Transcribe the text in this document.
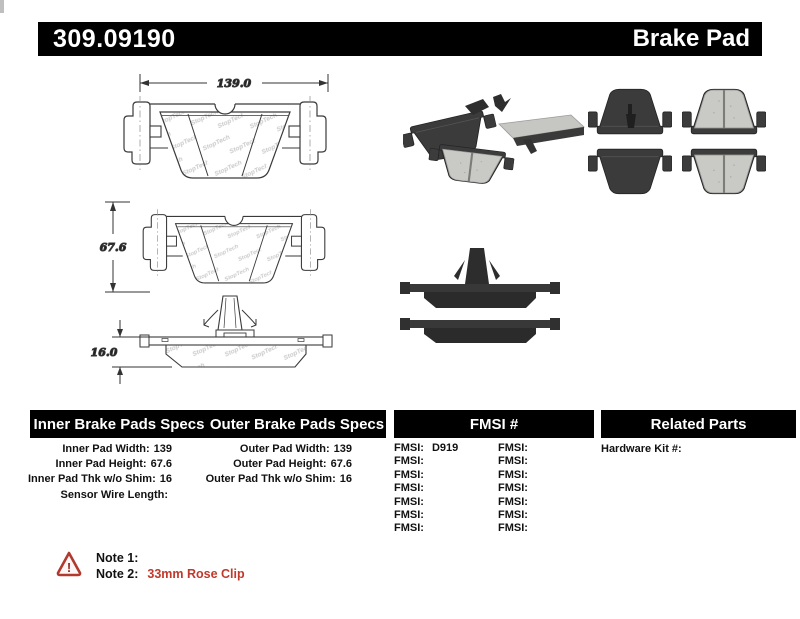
309.09190	Brake Pad
139.0
67.6
16.0
Inner Brake Pads Specs Outer Brake Pads Specs	FMSI #	Related Parts
Inner Pad Width: 139
Inner Pad Height: 67.6
Inner Pad Thk w/o Shim: 16
Sensor Wire Length:
Outer Pad Width: 139
Outer Pad Height: 67.6
Outer Pad Thk w/o Shim: 16
FMSI: D919
FMSI:
FMSI:
FMSI:
FMSI:
FMSI:
FMSI:
FMSI:
FMSI:
FMSI:
FMSI:
FMSI:
FMSI:
FMSI:
Hardware Kit #:
!
Note 1:
Note 2: 33mm Rose Clip
